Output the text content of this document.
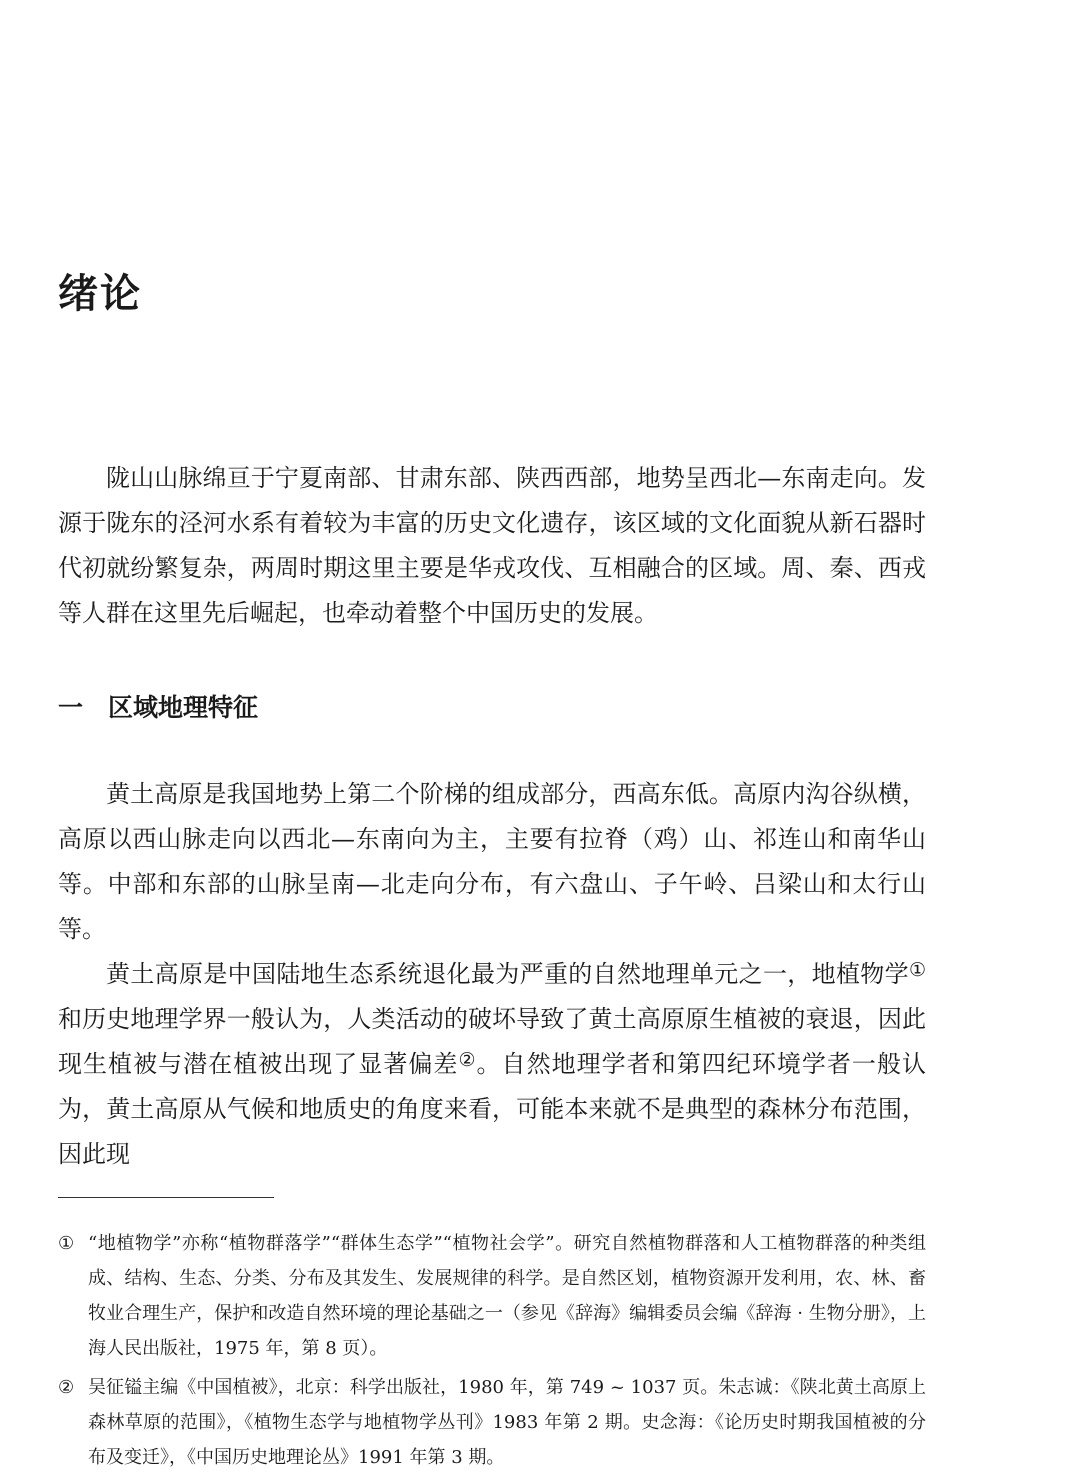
绪论

陇山山脉绵亘于宁夏南部、甘肃东部、陕西西部，地势呈西北—东南走向。发源于陇东的泾河水系有着较为丰富的历史文化遗存，该区域的文化面貌从新石器时代初就纷繁复杂，两周时期这里主要是华戎攻伐、互相融合的区域。周、秦、西戎等人群在这里先后崛起，也牵动着整个中国历史的发展。

一 区域地理特征

黄土高原是我国地势上第二个阶梯的组成部分，西高东低。高原内沟谷纵横，高原以西山脉走向以西北—东南向为主，主要有拉脊（鸡）山、祁连山和南华山等。中部和东部的山脉呈南—北走向分布，有六盘山、子午岭、吕梁山和太行山等。

黄土高原是中国陆地生态系统退化最为严重的自然地理单元之一，地植物学①和历史地理学界一般认为，人类活动的破坏导致了黄土高原原生植被的衰退，因此现生植被与潜在植被出现了显著偏差②。自然地理学者和第四纪环境学者一般认为，黄土高原从气候和地质史的角度来看，可能本来就不是典型的森林分布范围，因此现

① “地植物学”亦称“植物群落学”“群体生态学”“植物社会学”。研究自然植物群落和人工植物群落的种类组成、结构、生态、分类、分布及其发生、发展规律的科学。是自然区划，植物资源开发利用，农、林、畜牧业合理生产，保护和改造自然环境的理论基础之一（参见《辞海》编辑委员会编《辞海 · 生物分册》，上海人民出版社，1975 年，第 8 页）。
② 吴征镒主编《中国植被》，北京：科学出版社，1980 年，第 749 ~ 1037 页。朱志诚：《陕北黄土高原上森林草原的范围》，《植物生态学与地植物学丛刊》1983 年第 2 期。史念海：《论历史时期我国植被的分布及变迁》，《中国历史地理论丛》1991 年第 3 期。
